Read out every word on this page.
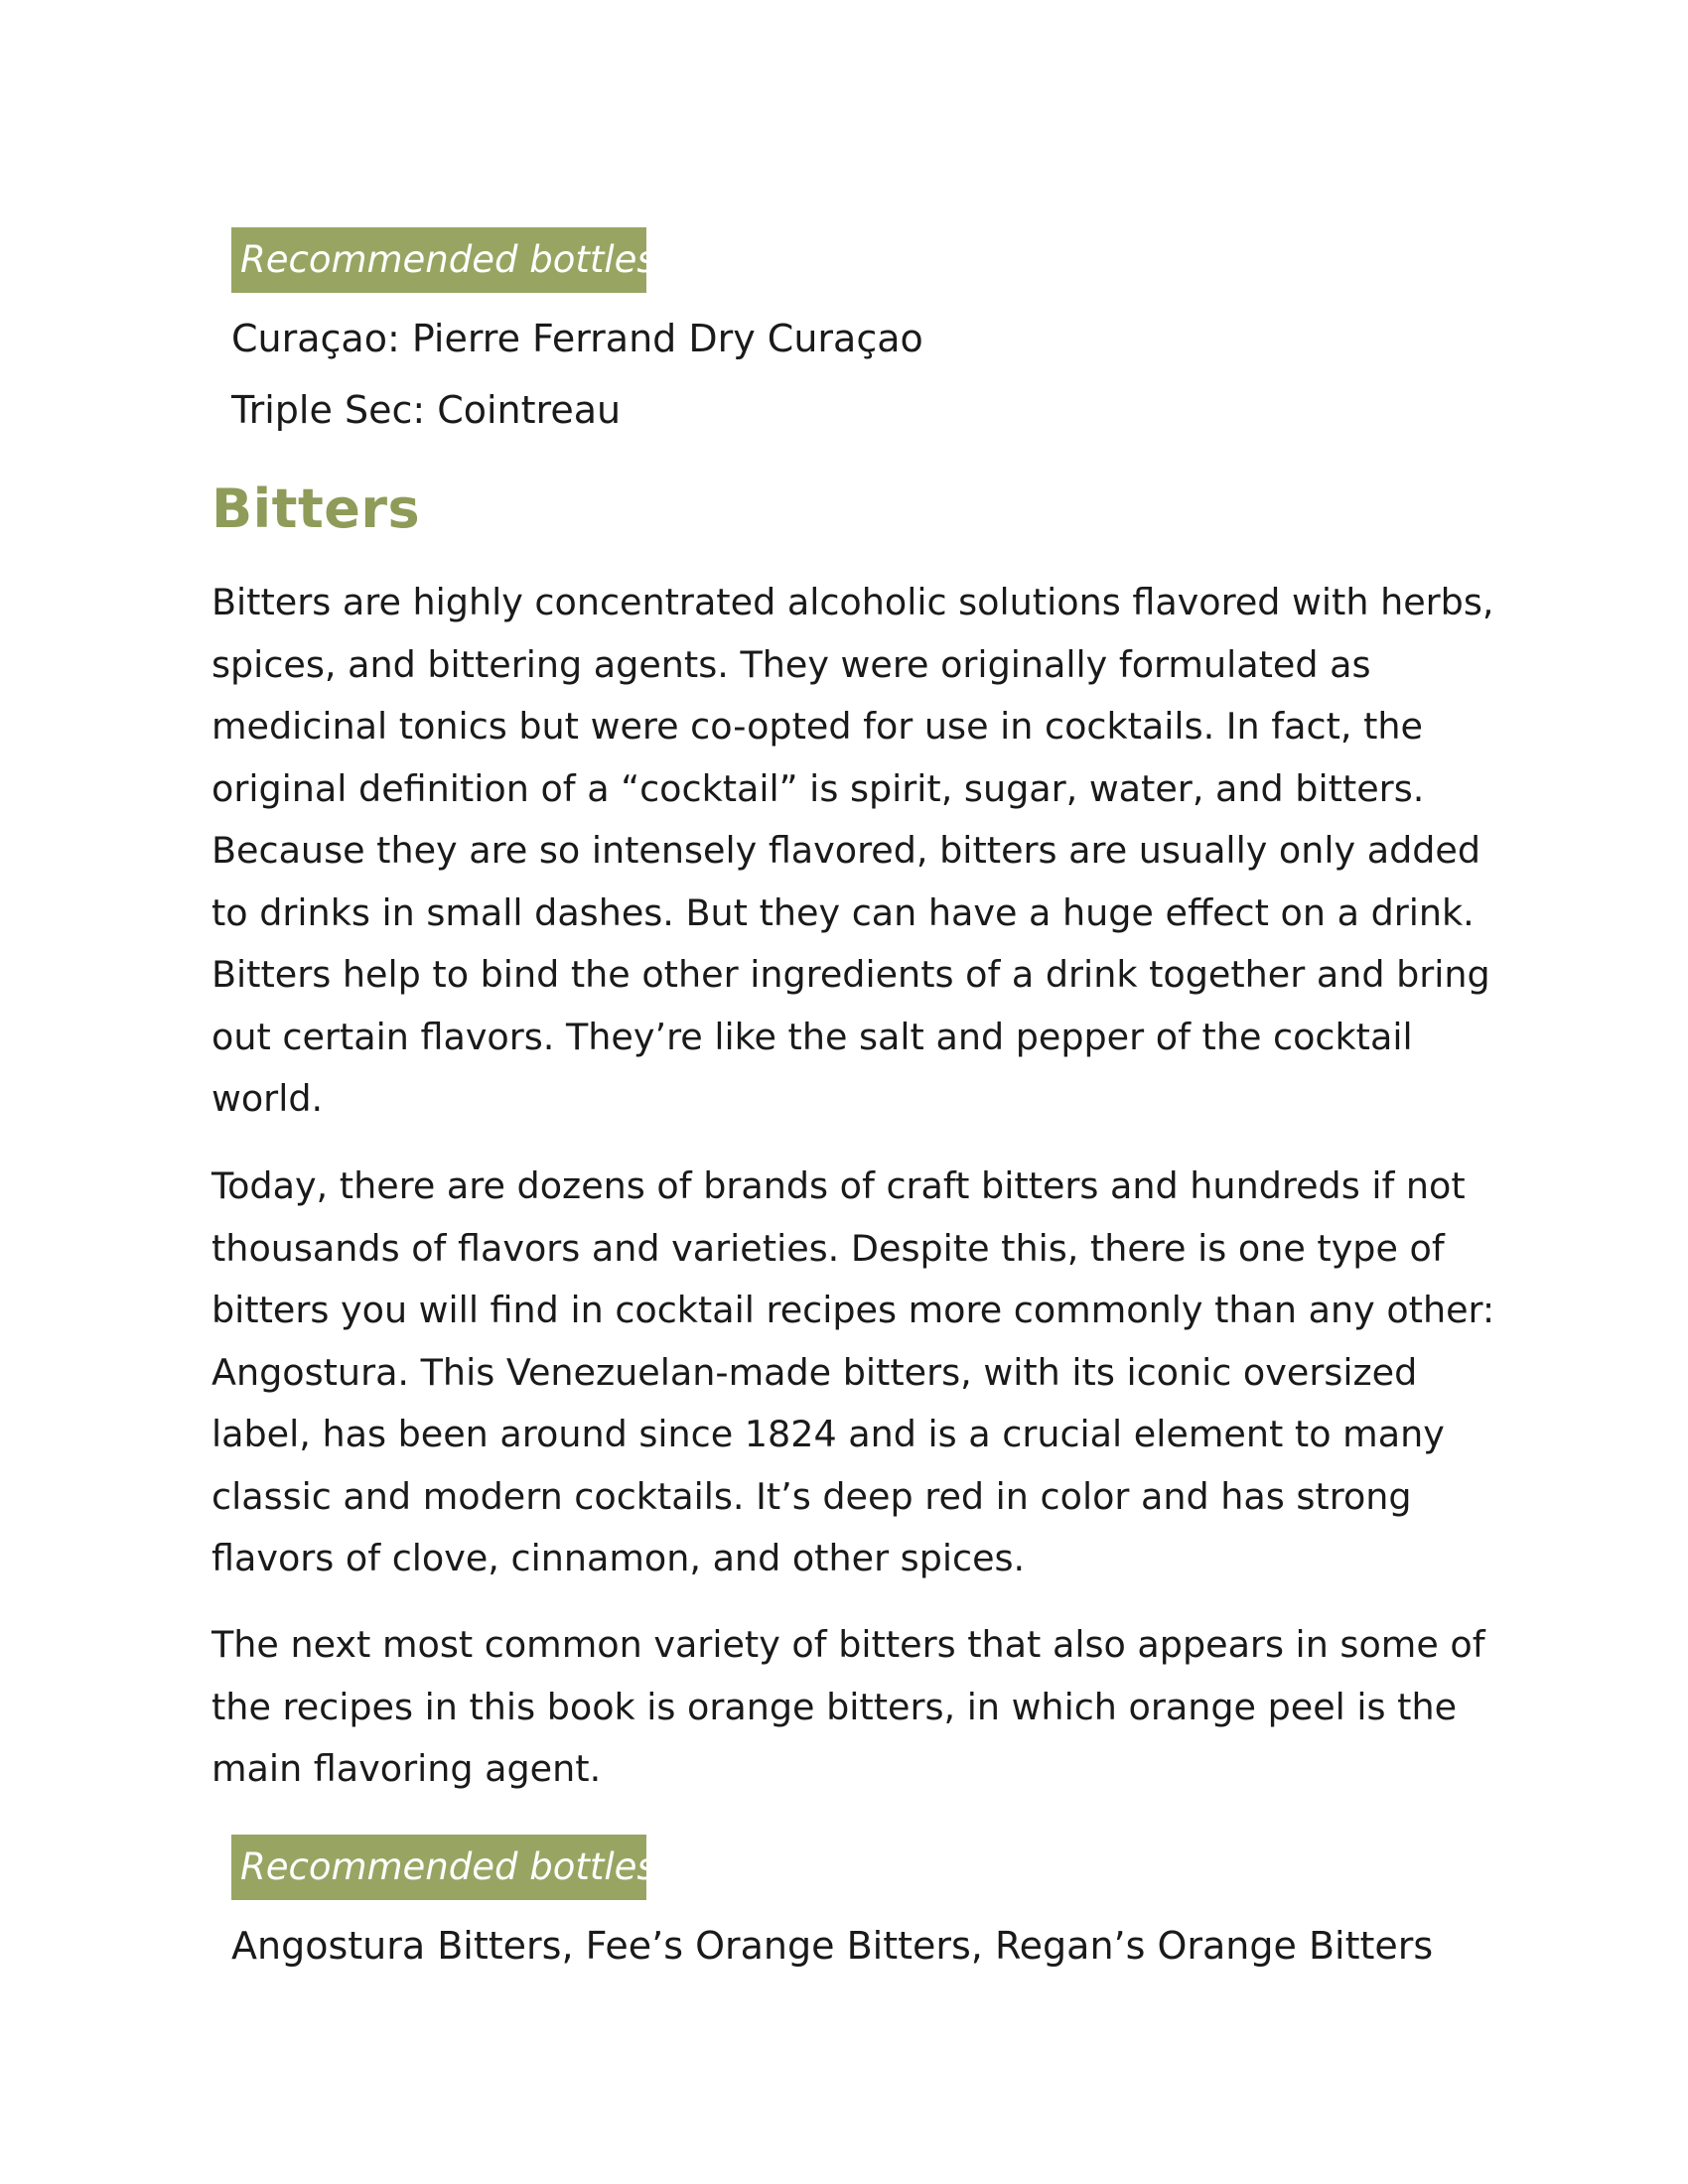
Recommended bottles:
Curaçao: Pierre Ferrand Dry Curaçao
Triple Sec: Cointreau
Bitters
Bitters are highly concentrated alcoholic solutions flavored with herbs,
spices, and bittering agents. They were originally formulated as
medicinal tonics but were co-opted for use in cocktails. In fact, the
original definition of a “cocktail” is spirit, sugar, water, and bitters.
Because they are so intensely flavored, bitters are usually only added
to drinks in small dashes. But they can have a huge effect on a drink.
Bitters help to bind the other ingredients of a drink together and bring
out certain flavors. They’re like the salt and pepper of the cocktail
world.
Today, there are dozens of brands of craft bitters and hundreds if not
thousands of flavors and varieties. Despite this, there is one type of
bitters you will find in cocktail recipes more commonly than any other:
Angostura. This Venezuelan-made bitters, with its iconic oversized
label, has been around since 1824 and is a crucial element to many
classic and modern cocktails. It’s deep red in color and has strong
flavors of clove, cinnamon, and other spices.
The next most common variety of bitters that also appears in some of
the recipes in this book is orange bitters, in which orange peel is the
main flavoring agent.
Recommended bottles:
Angostura Bitters, Fee’s Orange Bitters, Regan’s Orange Bitters
